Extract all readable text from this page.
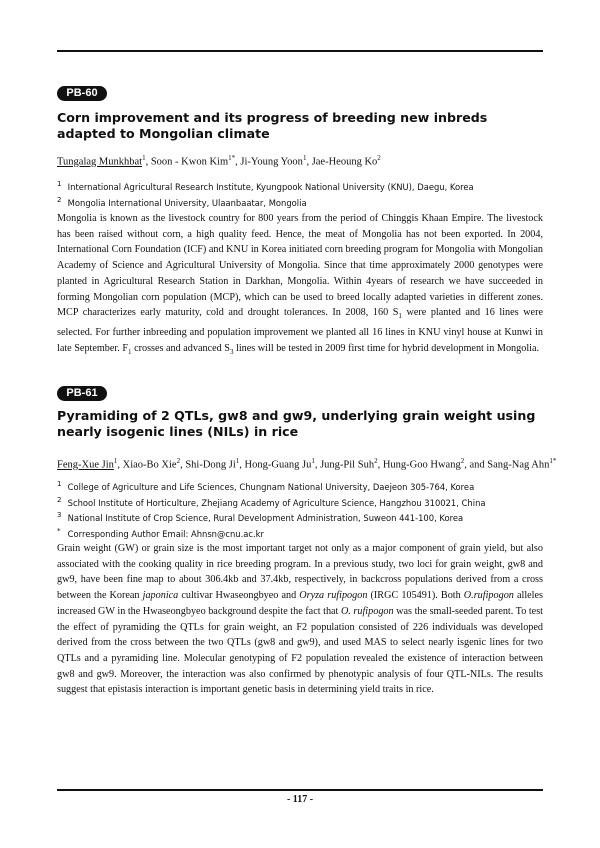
PB-60
Corn improvement and its progress of breeding new inbreds adapted to Mongolian climate
Tungalag Munkhbat$^1$, Soon - Kwon Kim$^{1*}$, Ji-Young Yoon$^1$, Jae-Heoung Ko$^2$
$^1$ International Agricultural Research Institute, Kyungpook National University (KNU), Daegu, Korea
$^2$ Mongolia International University, Ulaanbaatar, Mongolia

Mongolia is known as the livestock country for 800 years from the period of Chinggis Khaan Empire. The livestock has been raised without corn, a high quality feed. Hence, the meat of Mongolia has not been exported. In 2004, International Corn Foundation (ICF) and KNU in Korea initiated corn breeding program for Mongolia with Mongolian Academy of Science and Agricultural University of Mongolia. Since that time approximately 2000 genotypes were planted in Agricultural Research Station in Darkhan, Mongolia. Within 4years of research we have succeeded in forming Mongolian corn population (MCP), which can be used to breed locally adapted varieties in different zones. MCP characterizes early maturity, cold and drought tolerances. In 2008, 160 $S_1$ were planted and 16 lines were selected. For further inbreeding and population improvement we planted all 16 lines in KNU vinyl house at Kunwi in late September. $F_1$ crosses and advanced $S_3$ lines will be tested in 2009 first time for hybrid development in Mongolia.

PB-61
Pyramiding of 2 QTLs, gw8 and gw9, underlying grain weight using nearly isogenic lines (NILs) in rice
Feng-Xue Jin$^1$, Xiao-Bo Xie$^2$, Shi-Dong Ji$^1$, Hong-Guang Ju$^1$, Jung-Pil Suh$^2$, Hung-Goo Hwang$^2$, and Sang-Nag Ahn$^{1*}$
$^1$ College of Agriculture and Life Sciences, Chungnam National University, Daejeon 305-764, Korea
$^2$ School Institute of Horticulture, Zhejiang Academy of Agriculture Science, Hangzhou 310021, China
$^3$ National Institute of Crop Science, Rural Development Administration, Suweon 441-100, Korea
* Corresponding Author Email: Ahnsn@cnu.ac.kr

Grain weight (GW) or grain size is the most important target not only as a major component of grain yield, but also associated with the cooking quality in rice breeding program. In a previous study, two loci for grain weight, gw8 and gw9, have been fine map to about 306.4kb and 37.4kb, respectively, in backcross populations derived from a cross between the Korean japonica cultivar Hwaseongbyeo and Oryza rufipogon (IRGC 105491). Both O.rufipogon alleles increased GW in the Hwaseongbyeo background despite the fact that O. rufipogon was the small-seeded parent. To test the effect of pyramiding the QTLs for grain weight, an F2 population consisted of 226 individuals was developed derived from the cross between the two QTLs (gw8 and gw9), and used MAS to select nearly isgenic lines for two QTLs and a pyramiding line. Molecular genotyping of F2 population revealed the existence of interaction between gw8 and gw9. Moreover, the interaction was also confirmed by phenotypic analysis of four QTL-NILs. The results suggest that epistasis interaction is important genetic basis in determining yield traits in rice.

- 117 -
